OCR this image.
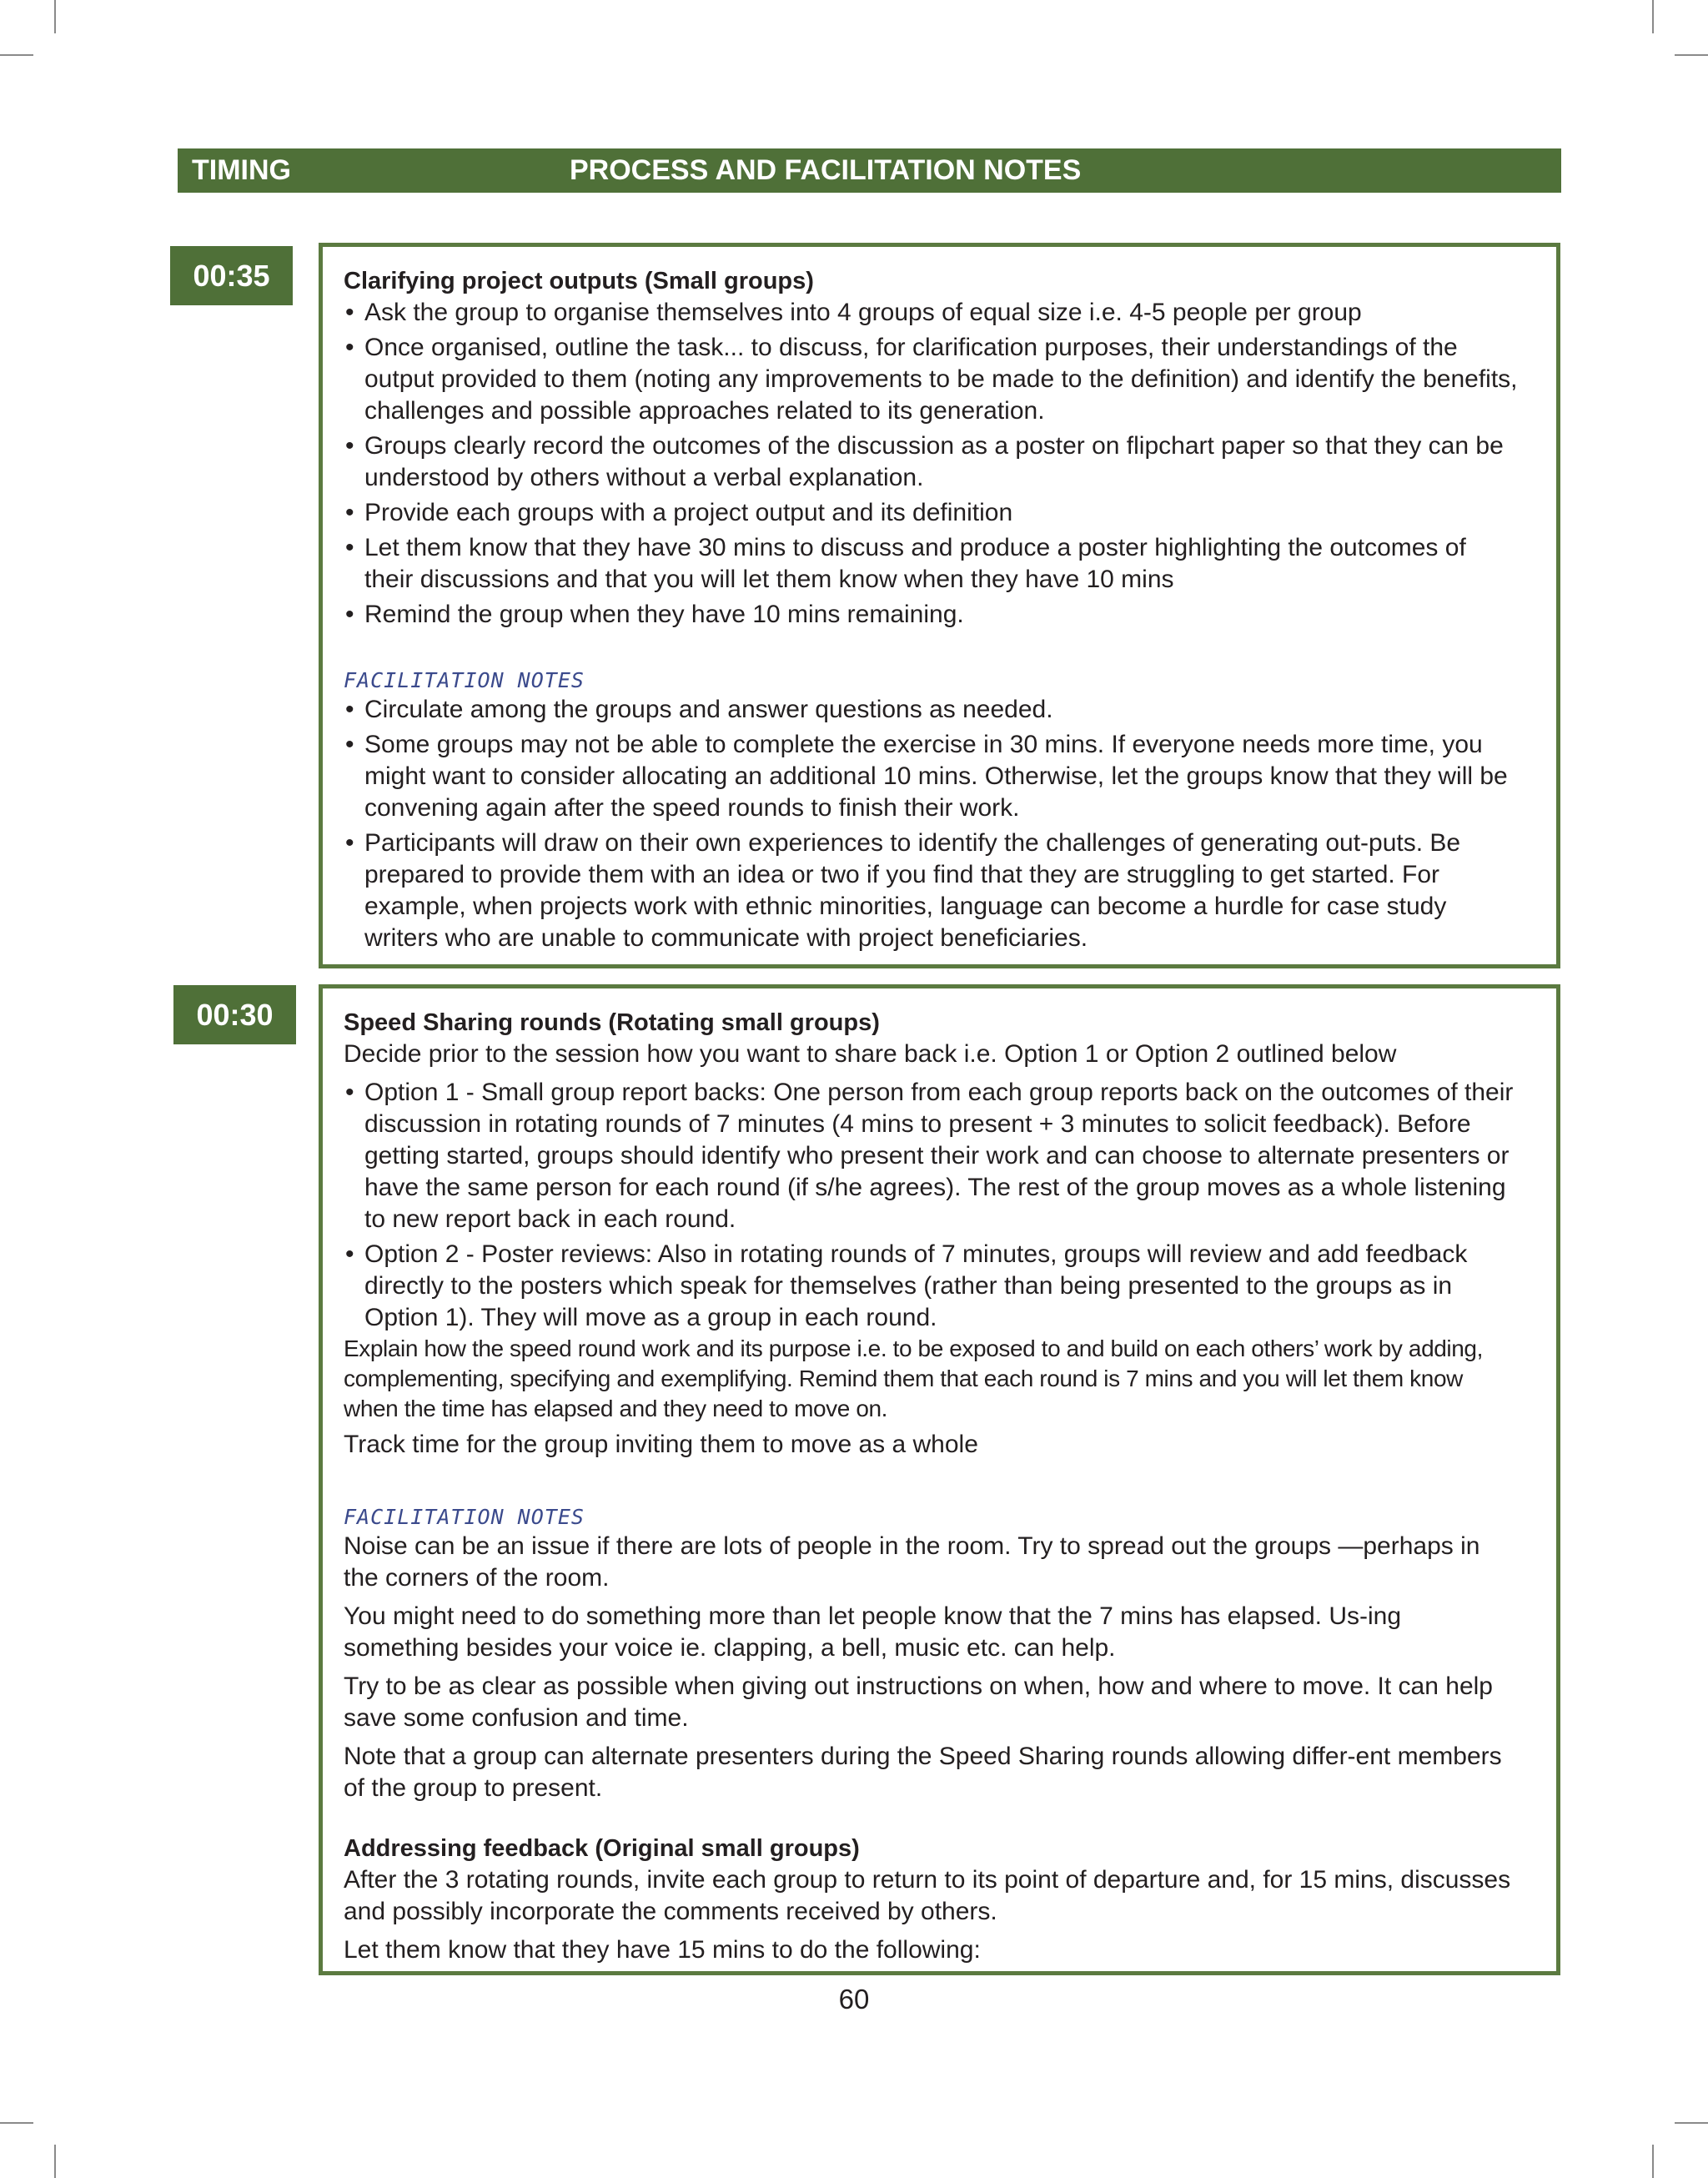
TIMING	PROCESS AND FACILITATION NOTES
00:35	Clarifying project outputs (Small groups)

• Ask the group to organise themselves into 4 groups of equal size i.e. 4-5 people per group

• Once organised, outline the task... to discuss, for clarification purposes, their understandings of the output provided to them (noting any improvements to be made to the definition) and identify the benefits, challenges and possible approaches related to its generation.

• Groups clearly record the outcomes of the discussion as a poster on flipchart paper so that they can be understood by others without a verbal explanation.

• Provide each groups with a project output and its definition

• Let them know that they have 30 mins to discuss and produce a poster highlighting the outcomes of their discussions and that you will let them know when they have 10 mins

• Remind the group when they have 10 mins remaining.

FACILITATION NOTES

• Circulate among the groups and answer questions as needed.

• Some groups may not be able to complete the exercise in 30 mins. If everyone needs more time, you might want to consider allocating an additional 10 mins. Otherwise, let the groups know that they will be convening again after the speed rounds to finish their work.

• Participants will draw on their own experiences to identify the challenges of generating out-puts. Be prepared to provide them with an idea or two if you find that they are struggling to get started. For example, when projects work with ethnic minorities, language can become a hurdle for case study writers who are unable to communicate with project beneficiaries.

00:30	Speed Sharing rounds (Rotating small groups)

Decide prior to the session how you want to share back i.e. Option 1 or Option 2 outlined below

• Option 1 - Small group report backs: One person from each group reports back on the outcomes of their discussion in rotating rounds of 7 minutes (4 mins to present + 3 minutes to solicit feedback). Before getting started, groups should identify who present their work and can choose to alternate presenters or have the same person for each round (if s/he agrees). The rest of the group moves as a whole listening to new report back in each round.

• Option 2 - Poster reviews: Also in rotating rounds of 7 minutes, groups will review and add feedback directly to the posters which speak for themselves (rather than being presented to the groups as in Option 1). They will move as a group in each round.

Explain how the speed round work and its purpose i.e. to be exposed to and build on each others’ work by adding, complementing, specifying and exemplifying. Remind them that each round is 7 mins and you will let them know when the time has elapsed and they need to move on.

Track time for the group inviting them to move as a whole

FACILITATION NOTES

Noise can be an issue if there are lots of people in the room. Try to spread out the groups —perhaps in the corners of the room.

You might need to do something more than let people know that the 7 mins has elapsed. Us-ing something besides your voice ie. clapping, a bell, music etc. can help.

Try to be as clear as possible when giving out instructions on when, how and where to move. It can help save some confusion and time.

Note that a group can alternate presenters during the Speed Sharing rounds allowing differ-ent members of the group to present.

Addressing feedback (Original small groups)

After the 3 rotating rounds, invite each group to return to its point of departure and, for 15 mins, discusses and possibly incorporate the comments received by others.

Let them know that they have 15 mins to do the following:

60
